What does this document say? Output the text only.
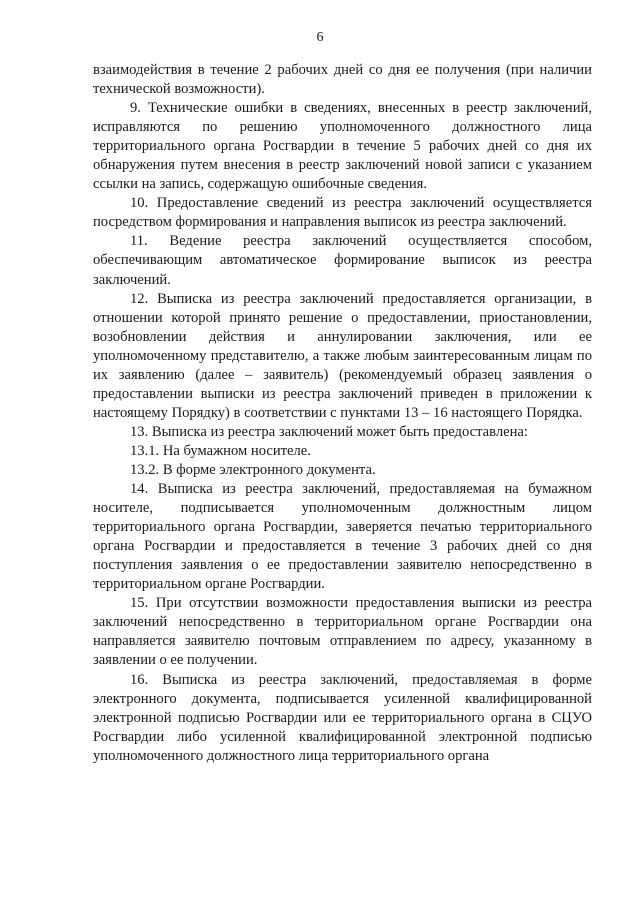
6

взаимодействия в течение 2 рабочих дней со дня ее получения (при наличии технической возможности).

9. Технические ошибки в сведениях, внесенных в реестр заключений, исправляются по решению уполномоченного должностного лица территориального органа Росгвардии в течение 5 рабочих дней со дня их обнаружения путем внесения в реестр заключений новой записи с указанием ссылки на запись, содержащую ошибочные сведения.

10. Предоставление сведений из реестра заключений осуществляется посредством формирования и направления выписок из реестра заключений.

11. Ведение реестра заключений осуществляется способом, обеспечивающим автоматическое формирование выписок из реестра заключений.

12. Выписка из реестра заключений предоставляется организации, в отношении которой принято решение о предоставлении, приостановлении, возобновлении действия и аннулировании заключения, или ее уполномоченному представителю, а также любым заинтересованным лицам по их заявлению (далее – заявитель) (рекомендуемый образец заявления о предоставлении выписки из реестра заключений приведен в приложении к настоящему Порядку) в соответствии с пунктами 13 – 16 настоящего Порядка.

13. Выписка из реестра заключений может быть предоставлена:

13.1. На бумажном носителе.

13.2. В форме электронного документа.

14. Выписка из реестра заключений, предоставляемая на бумажном носителе, подписывается уполномоченным должностным лицом территориального органа Росгвардии, заверяется печатью территориального органа Росгвардии и предоставляется в течение 3 рабочих дней со дня поступления заявления о ее предоставлении заявителю непосредственно в территориальном органе Росгвардии.

15. При отсутствии возможности предоставления выписки из реестра заключений непосредственно в территориальном органе Росгвардии она направляется заявителю почтовым отправлением по адресу, указанному в заявлении о ее получении.

16. Выписка из реестра заключений, предоставляемая в форме электронного документа, подписывается усиленной квалифицированной электронной подписью Росгвардии или ее территориального органа в СЦУО Росгвардии либо усиленной квалифицированной электронной подписью уполномоченного должностного лица территориального органа
